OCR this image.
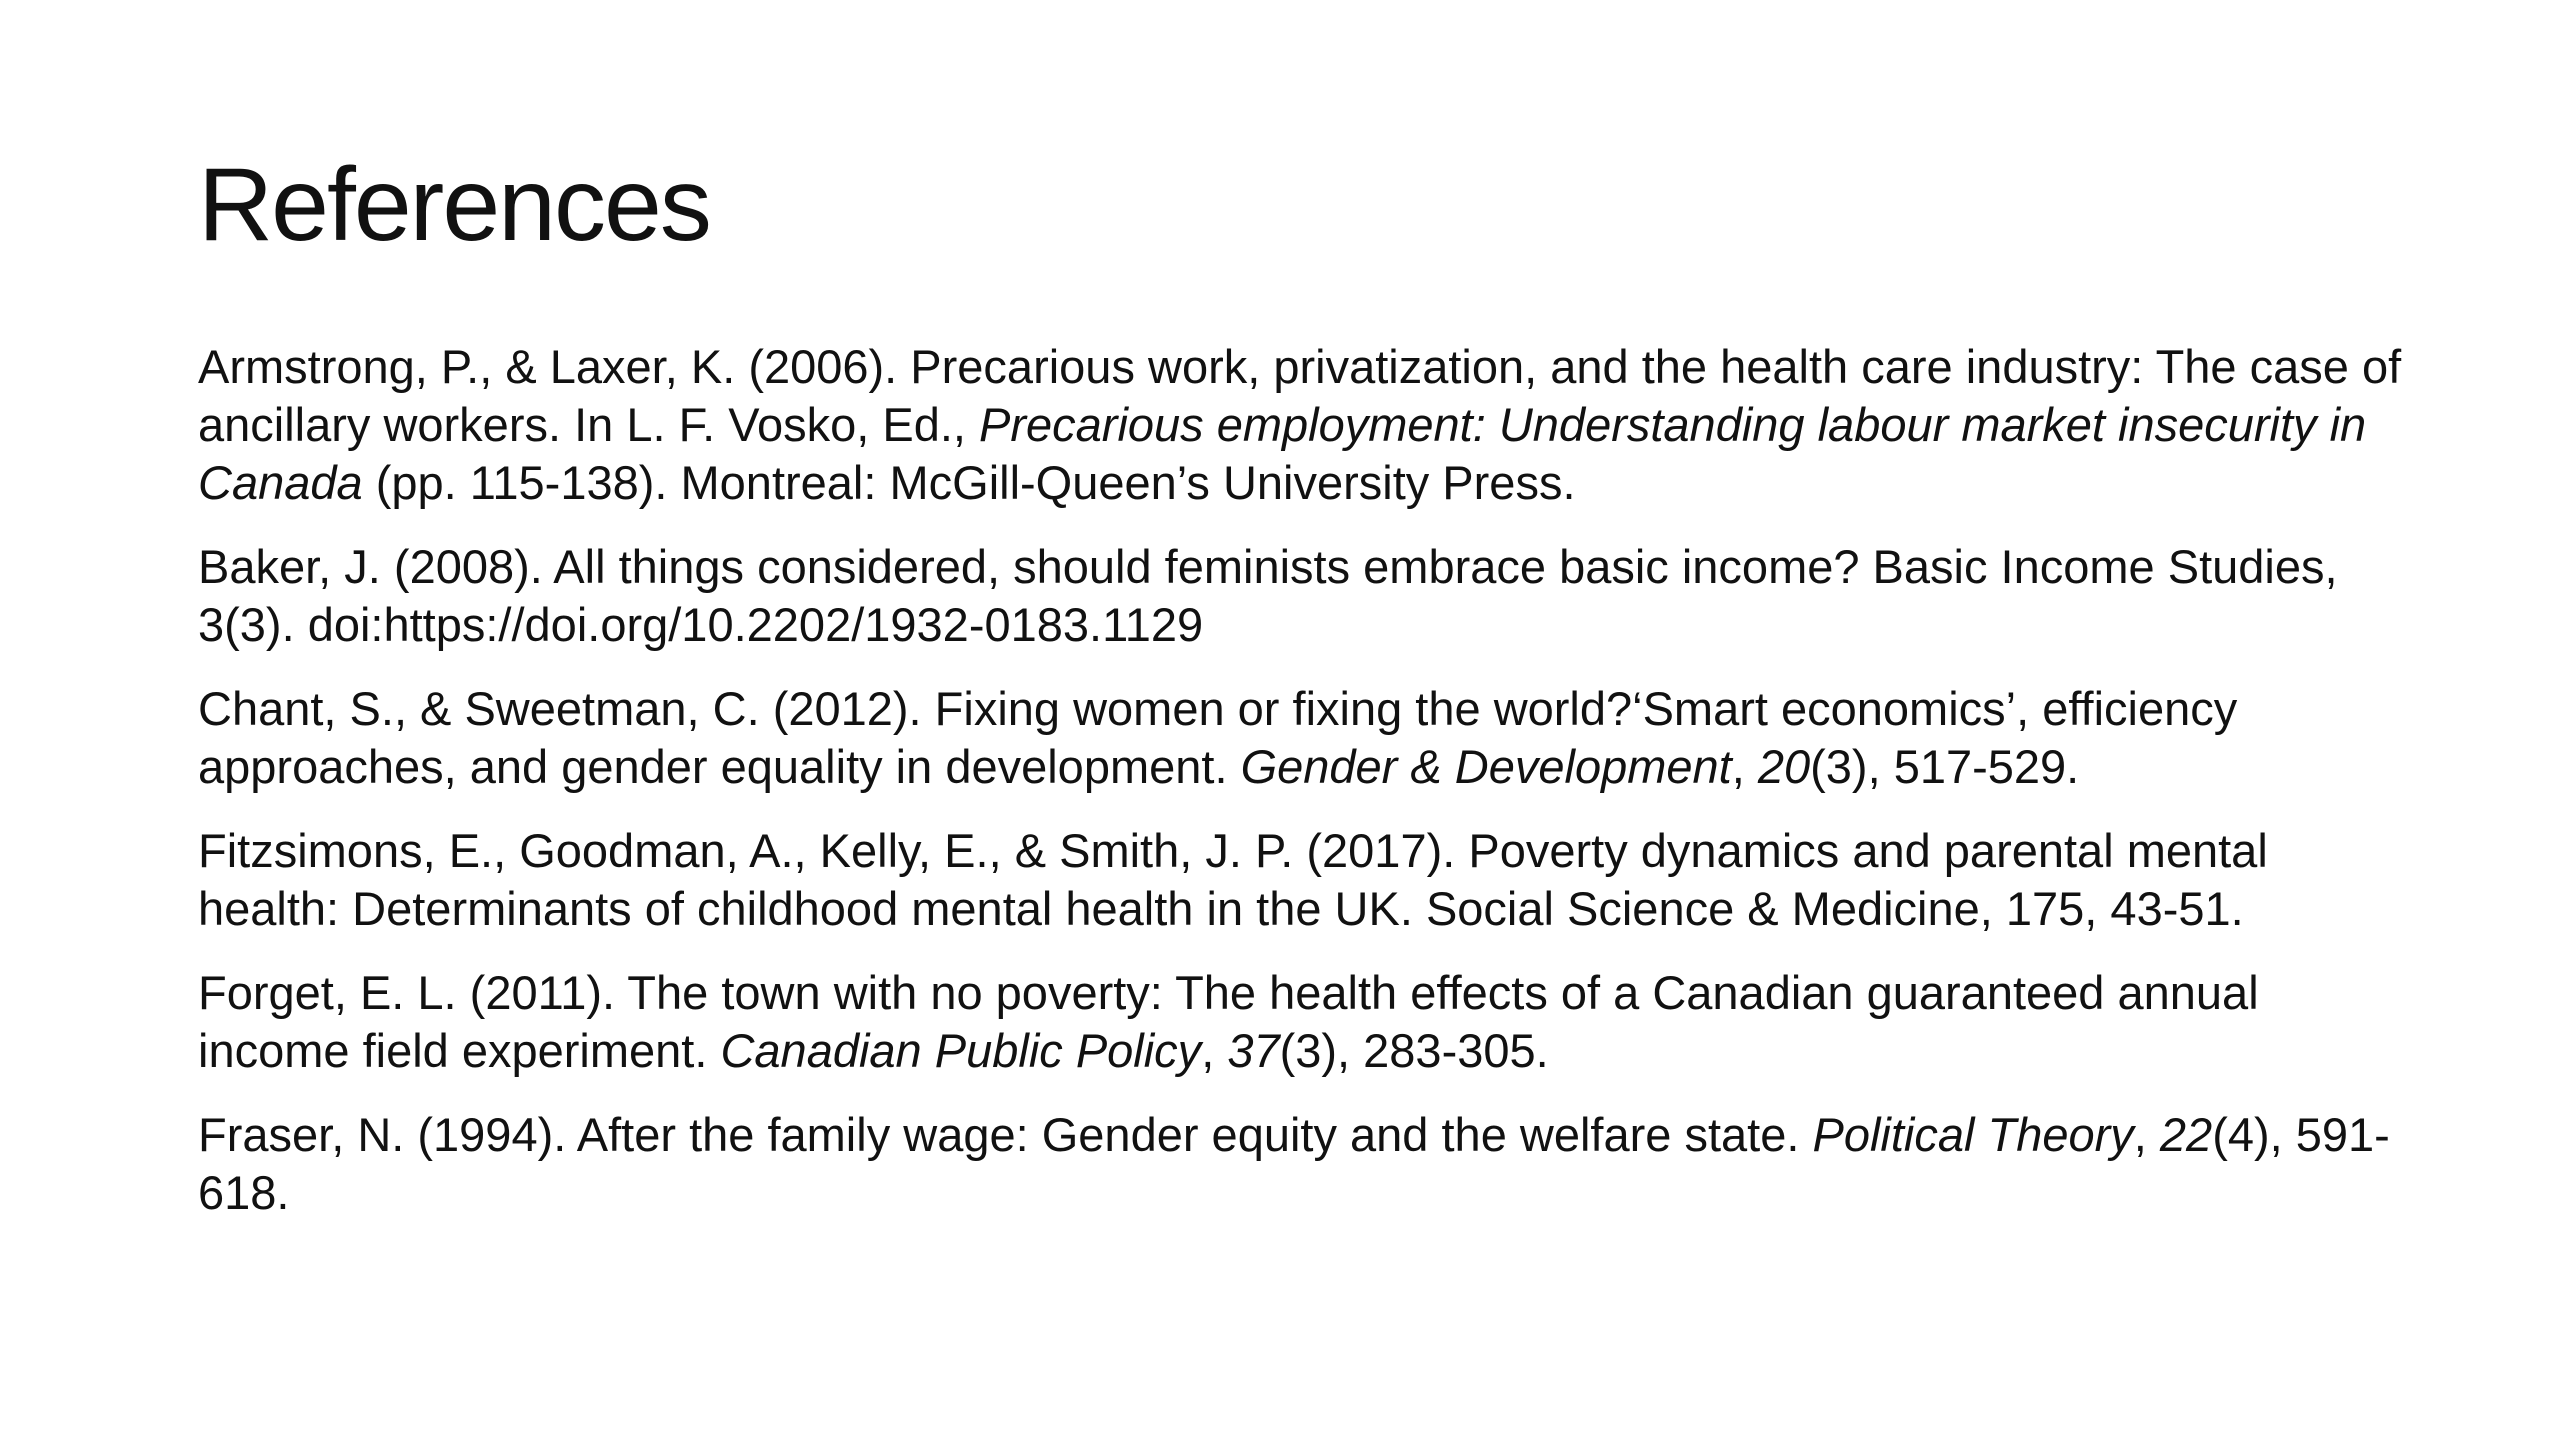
References

Armstrong, P., & Laxer, K. (2006). Precarious work, privatization, and the health care industry: The case of ancillary workers. In L. F. Vosko, Ed., Precarious employment: Understanding labour market insecurity in Canada (pp. 115-138). Montreal: McGill-Queen’s University Press.

Baker, J. (2008). All things considered, should feminists embrace basic income? Basic Income Studies, 3(3). doi:https://doi.org/10.2202/1932-0183.1129

Chant, S., & Sweetman, C. (2012). Fixing women or fixing the world?‘Smart economics’, efficiency approaches, and gender equality in development. Gender & Development, 20(3), 517-529.

Fitzsimons, E., Goodman, A., Kelly, E., & Smith, J. P. (2017). Poverty dynamics and parental mental health: Determinants of childhood mental health in the UK. Social Science & Medicine, 175, 43-51.

Forget, E. L. (2011). The town with no poverty: The health effects of a Canadian guaranteed annual income field experiment. Canadian Public Policy, 37(3), 283-305.

Fraser, N. (1994). After the family wage: Gender equity and the welfare state. Political Theory, 22(4), 591-618.
